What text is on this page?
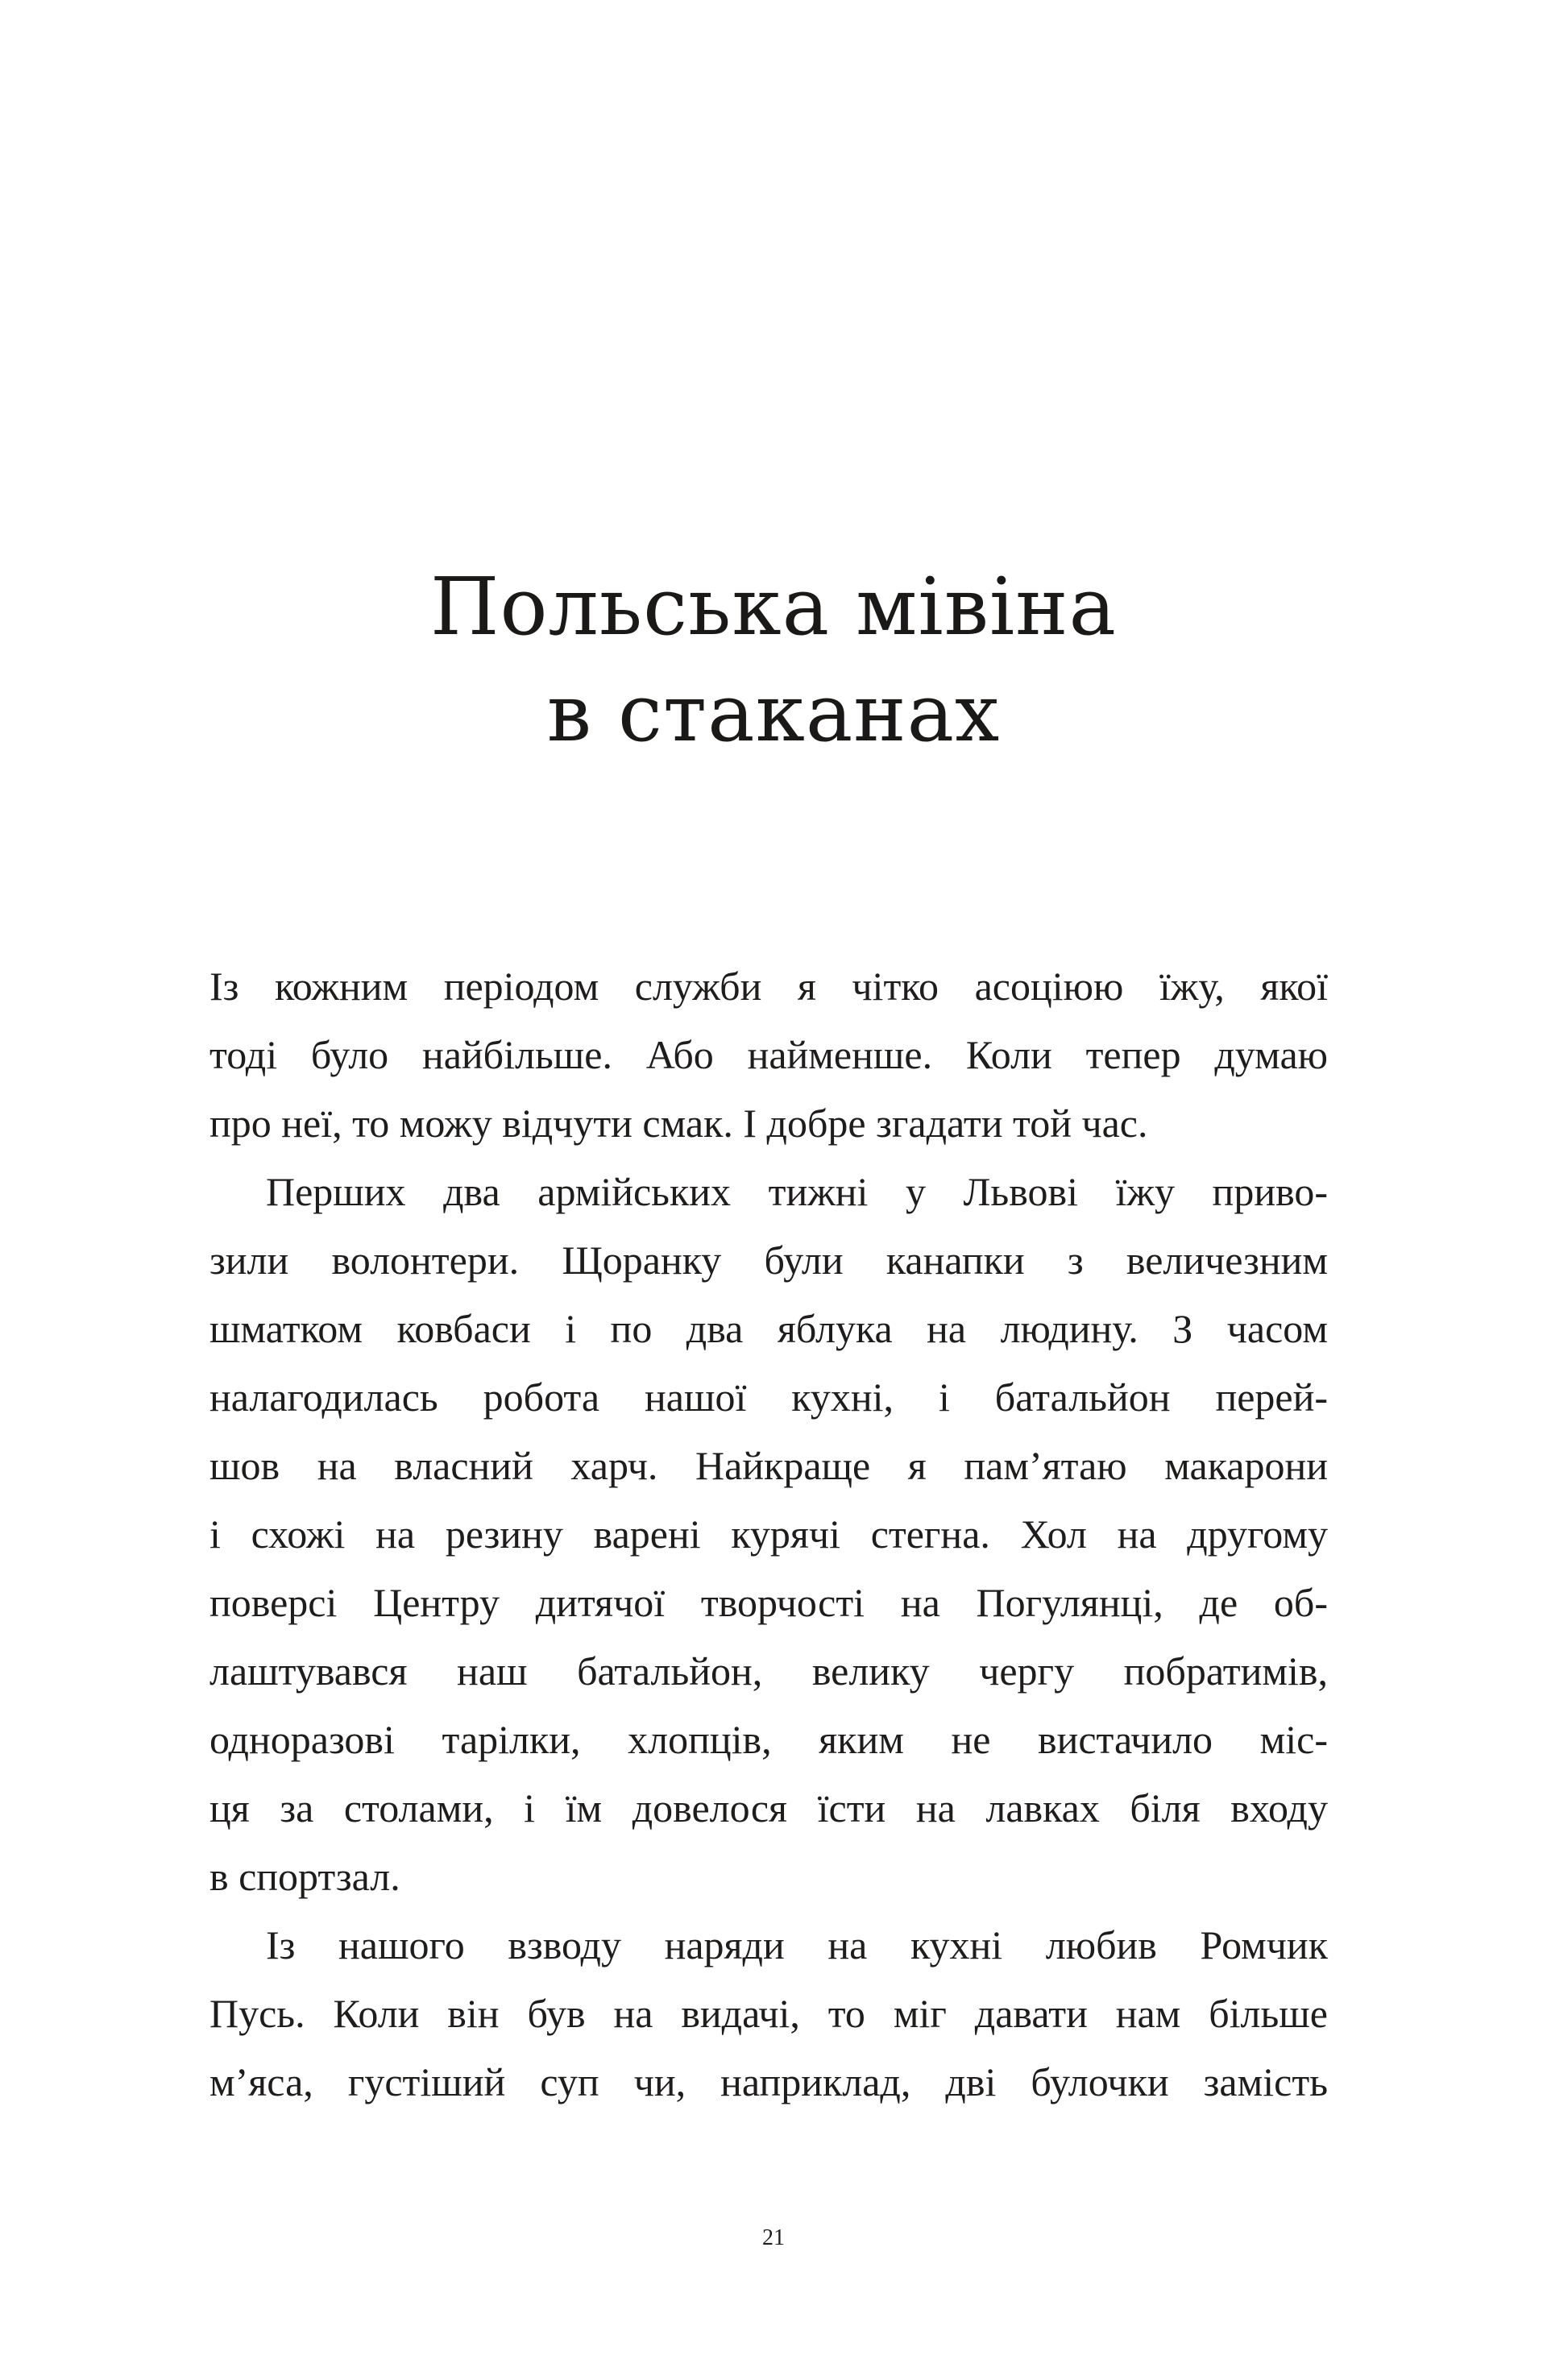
Польська мівіна
в стаканах
Із кожним періодом служби я чітко асоціюю їжу, якої
тоді було найбільше. Або найменше. Коли тепер думаю
про неї, то можу відчути смак. І добре згадати той час.
Перших два армійських тижні у Львові їжу приво-
зили волонтери. Щоранку були канапки з величезним
шматком ковбаси і по два яблука на людину. З часом
налагодилась робота нашої кухні, і батальйон перей-
шов на власний харч. Найкраще я пам’ятаю макарони
і схожі на резину варені курячі стегна. Хол на другому
поверсі Центру дитячої творчості на Погулянці, де об-
лаштувався наш батальйон, велику чергу побратимів,
одноразові тарілки, хлопців, яким не вистачило міс-
ця за столами, і їм довелося їсти на лавках біля входу
в спортзал.
Із нашого взводу наряди на кухні любив Ромчик
Пусь. Коли він був на видачі, то міг давати нам більше
м’яса, густіший суп чи, наприклад, дві булочки замість
21
